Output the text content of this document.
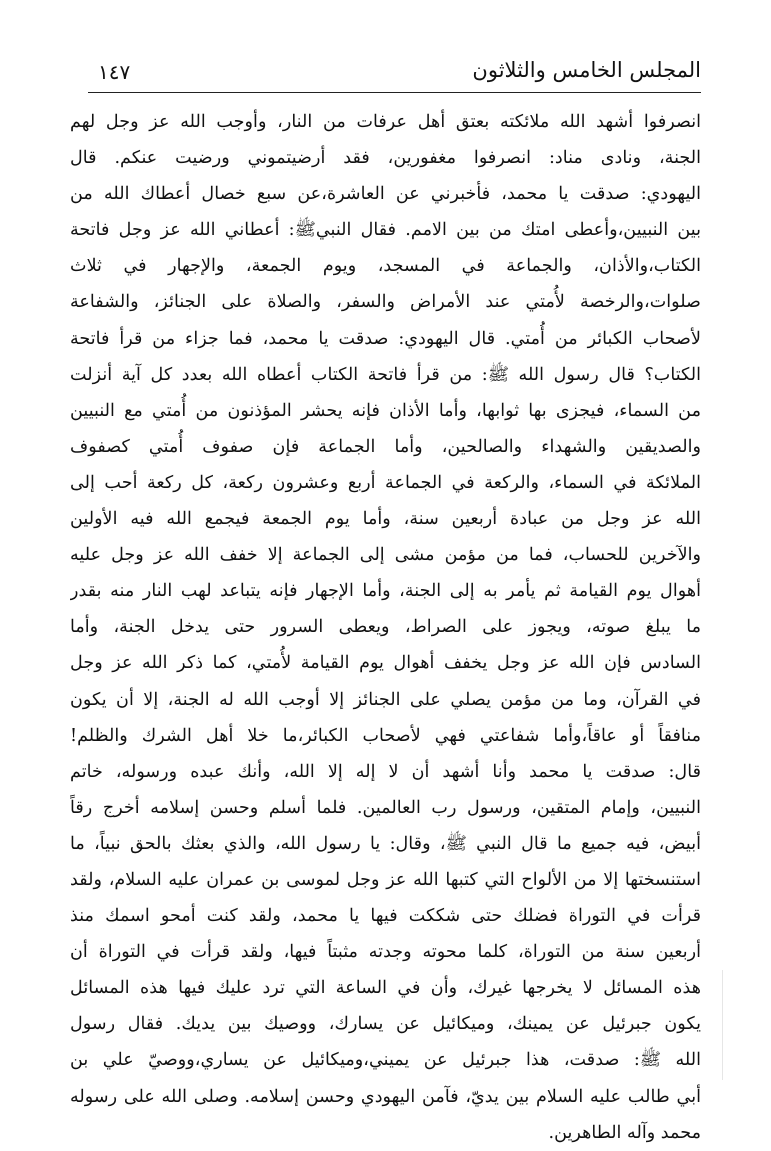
المجلس الخامس والثلاثون
١٤٧
انصرفوا أشهد الله ملائكته بعتق أهل عرفات من النار، وأوجب الله عز وجل لهم
الجنة، ونادى مناد: انصرفوا مغفورين، فقد أرضيتموني ورضيت عنكم. قال
اليهودي: صدقت يا محمد، فأخبرني عن العاشرة،عن سبع خصال أعطاك الله من
بين النبيين،وأعطى امتك من بين الامم. فقال النبيﷺ: أعطاني الله عز وجل فاتحة
الكتاب،والأذان، والجماعة في المسجد، ويوم الجمعة، والإجهار في ثلاث
صلوات،والرخصة لأُمتي عند الأمراض والسفر، والصلاة على الجنائز، والشفاعة
لأصحاب الكبائر من أُمتي. قال اليهودي: صدقت يا محمد، فما جزاء من قرأ فاتحة
الكتاب؟ قال رسول الله ﷺ: من قرأ فاتحة الكتاب أعطاه الله بعدد كل آية أنزلت
من السماء، فيجزى بها ثوابها، وأما الأذان فإنه يحشر المؤذنون من أُمتي مع النبيين
والصديقين والشهداء والصالحين، وأما الجماعة فإن صفوف أُمتي كصفوف
الملائكة في السماء، والركعة في الجماعة أربع وعشرون ركعة، كل ركعة أحب إلى
الله عز وجل من عبادة أربعين سنة، وأما يوم الجمعة فيجمع الله فيه الأولين
والآخرين للحساب، فما من مؤمن مشى إلى الجماعة إلا خفف الله عز وجل عليه
أهوال يوم القيامة ثم يأمر به إلى الجنة، وأما الإجهار فإنه يتباعد لهب النار منه بقدر
ما يبلغ صوته، ويجوز على الصراط، ويعطى السرور حتى يدخل الجنة، وأما
السادس فإن الله عز وجل يخفف أهوال يوم القيامة لأُمتي، كما ذكر الله عز وجل
في القرآن، وما من مؤمن يصلي على الجنائز إلا أوجب الله له الجنة، إلا أن يكون
منافقاً أو عاقاً،وأما شفاعتي فهي لأصحاب الكبائر،ما خلا أهل الشرك والظلم!
قال: صدقت يا محمد وأنا أشهد أن لا إله إلا الله، وأنك عبده ورسوله، خاتم
النبيين، وإمام المتقين، ورسول رب العالمين. فلما أسلم وحسن إسلامه أخرج رقاً
أبيض، فيه جميع ما قال النبي ﷺ، وقال: يا رسول الله، والذي بعثك بالحق نبياً، ما
استنسختها إلا من الألواح التي كتبها الله عز وجل لموسى بن عمران عليه السلام، ولقد
قرأت في التوراة فضلك حتى شككت فيها يا محمد، ولقد كنت أمحو اسمك منذ
أربعين سنة من التوراة، كلما محوته وجدته مثبتاً فيها، ولقد قرأت في التوراة أن
هذه المسائل لا يخرجها غيرك، وأن في الساعة التي ترد عليك فيها هذه المسائل
يكون جبرئيل عن يمينك، وميكائيل عن يسارك، ووصيك بين يديك. فقال رسول
الله ﷺ: صدقت، هذا جبرئيل عن يميني،وميكائيل عن يساري،ووصيّ علي بن
أبي طالب عليه السلام بين يديّ، فآمن اليهودي وحسن إسلامه. وصلى الله على رسوله
محمد وآله الطاهرين.
